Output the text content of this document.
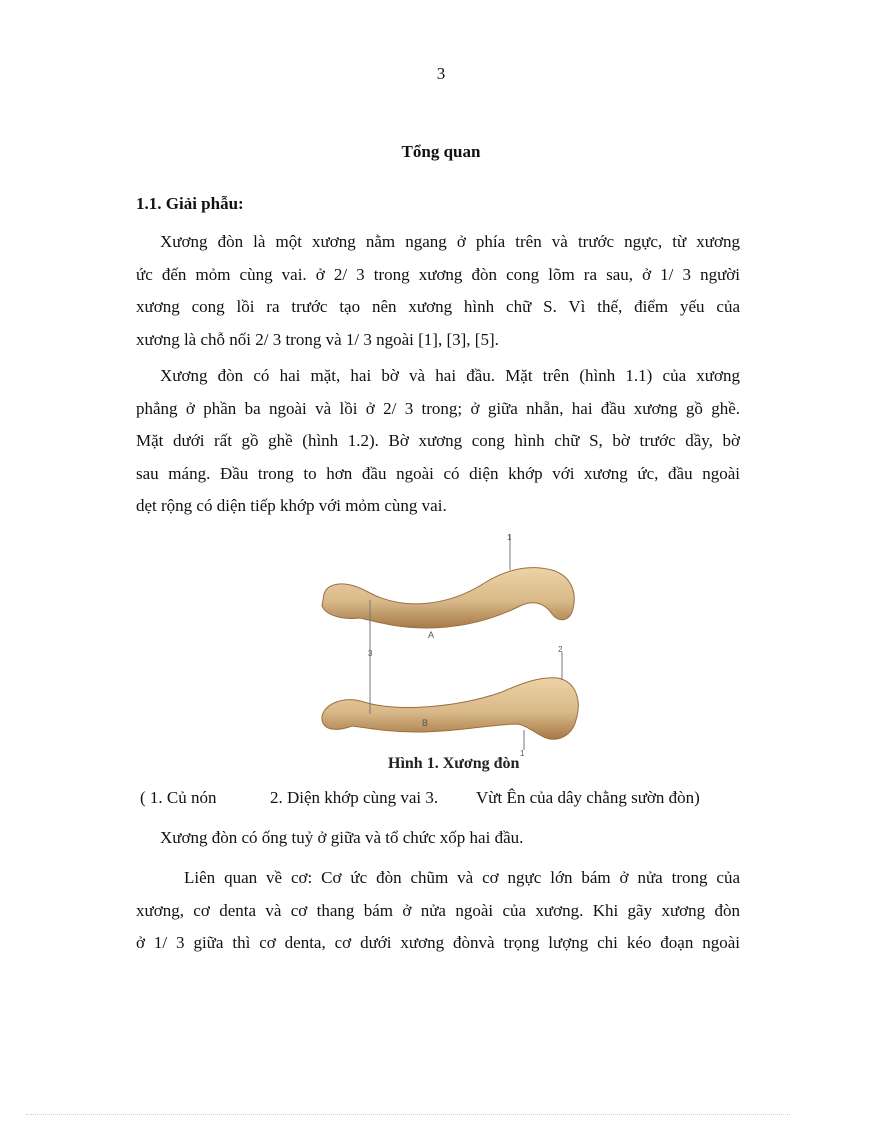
3
Tổng quan
1.1. Giải phẫu:
Xương đòn là một xương nằm ngang ở phía trên và trước ngực, từ xương
ức đến mỏm cùng vai. ở 2/ 3 trong xương đòn cong lõm ra sau, ở 1/ 3 người
xương cong lồi ra trước tạo nên xương hình chữ S. Vì thế, điểm yếu của
xương là chỗ nối 2/ 3 trong và 1/ 3 ngoài [1], [3], [5].
Xương đòn có hai mặt, hai bờ và hai đầu. Mặt trên (hình 1.1) của xương
phẳng ở phần ba ngoài và lồi ở 2/ 3 trong; ở giữa nhẵn, hai đầu xương gồ ghề.
Mặt dưới rất gồ ghề (hình 1.2). Bờ xương cong hình chữ S, bờ trước dầy, bờ
sau máng. Đầu trong to hơn đầu ngoài có diện khớp với xương ức, đầu ngoài
dẹt rộng có diện tiếp khớp với mỏm cùng vai.
1
A
3	2
B
1
Hình 1. Xương đòn
( 1. Củ nón	2. Diện khớp cùng vai 3. Vừt Ên của dây chằng sườn đòn)
Xương đòn có ống tuỷ ở giữa và tổ chức xốp hai đầu.
Liên quan về cơ: Cơ ức đòn chũm và cơ ngực lớn bám ở nửa trong của
xương, cơ denta và cơ thang bám ở nửa ngoài của xương. Khi gãy xương đòn
ở 1/ 3 giữa thì cơ denta, cơ dưới xương đònvà trọng lượng chi kéo đoạn ngoài
